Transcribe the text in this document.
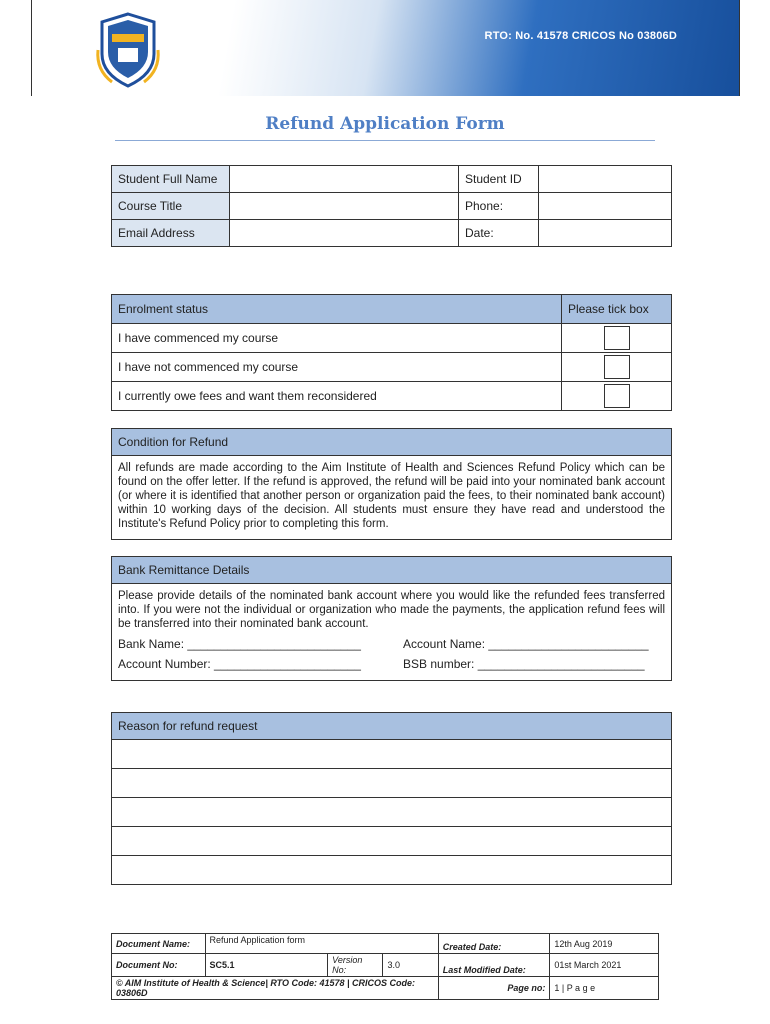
RTO: No. 41578 CRICOS No 03806D
Refund Application Form
Student Full Name		Student ID	
Course Title		Phone:	
Email Address		Date:	
Enrolment status	Please tick box
I have commenced my course	

I have not commenced my course	

I currently owe fees and want them reconsidered	
Condition for Refund
All refunds are made according to the Aim Institute of Health and Sciences Refund Policy which can be found on the offer letter. If the refund is approved, the refund will be paid into your nominated bank account (or where it is identified that another person or organization paid the fees, to their nominated bank account) within 10 working days of the decision. All students must ensure they have read and understood the Institute's Refund Policy prior to completing this form.
Bank Remittance Details
Please provide details of the nominated bank account where you would like the refunded fees transferred into. If you were not the individual or organization who made the payments, the application refund fees will be transferred into their nominated bank account.
Bank Name: __________________________	Account Name: ________________________
Account Number: ______________________	BSB number: _________________________
Reason for refund request
Document Name:	Refund Application form			Created Date:	12th Aug 2019
Document No:	SC5.1	Version No:	3.0	Last Modified Date:	01st March 2021
© AIM Institute of Health & Science| RTO Code: 41578 | CRICOS Code: 03806D				Page no:	1 | P a g e
